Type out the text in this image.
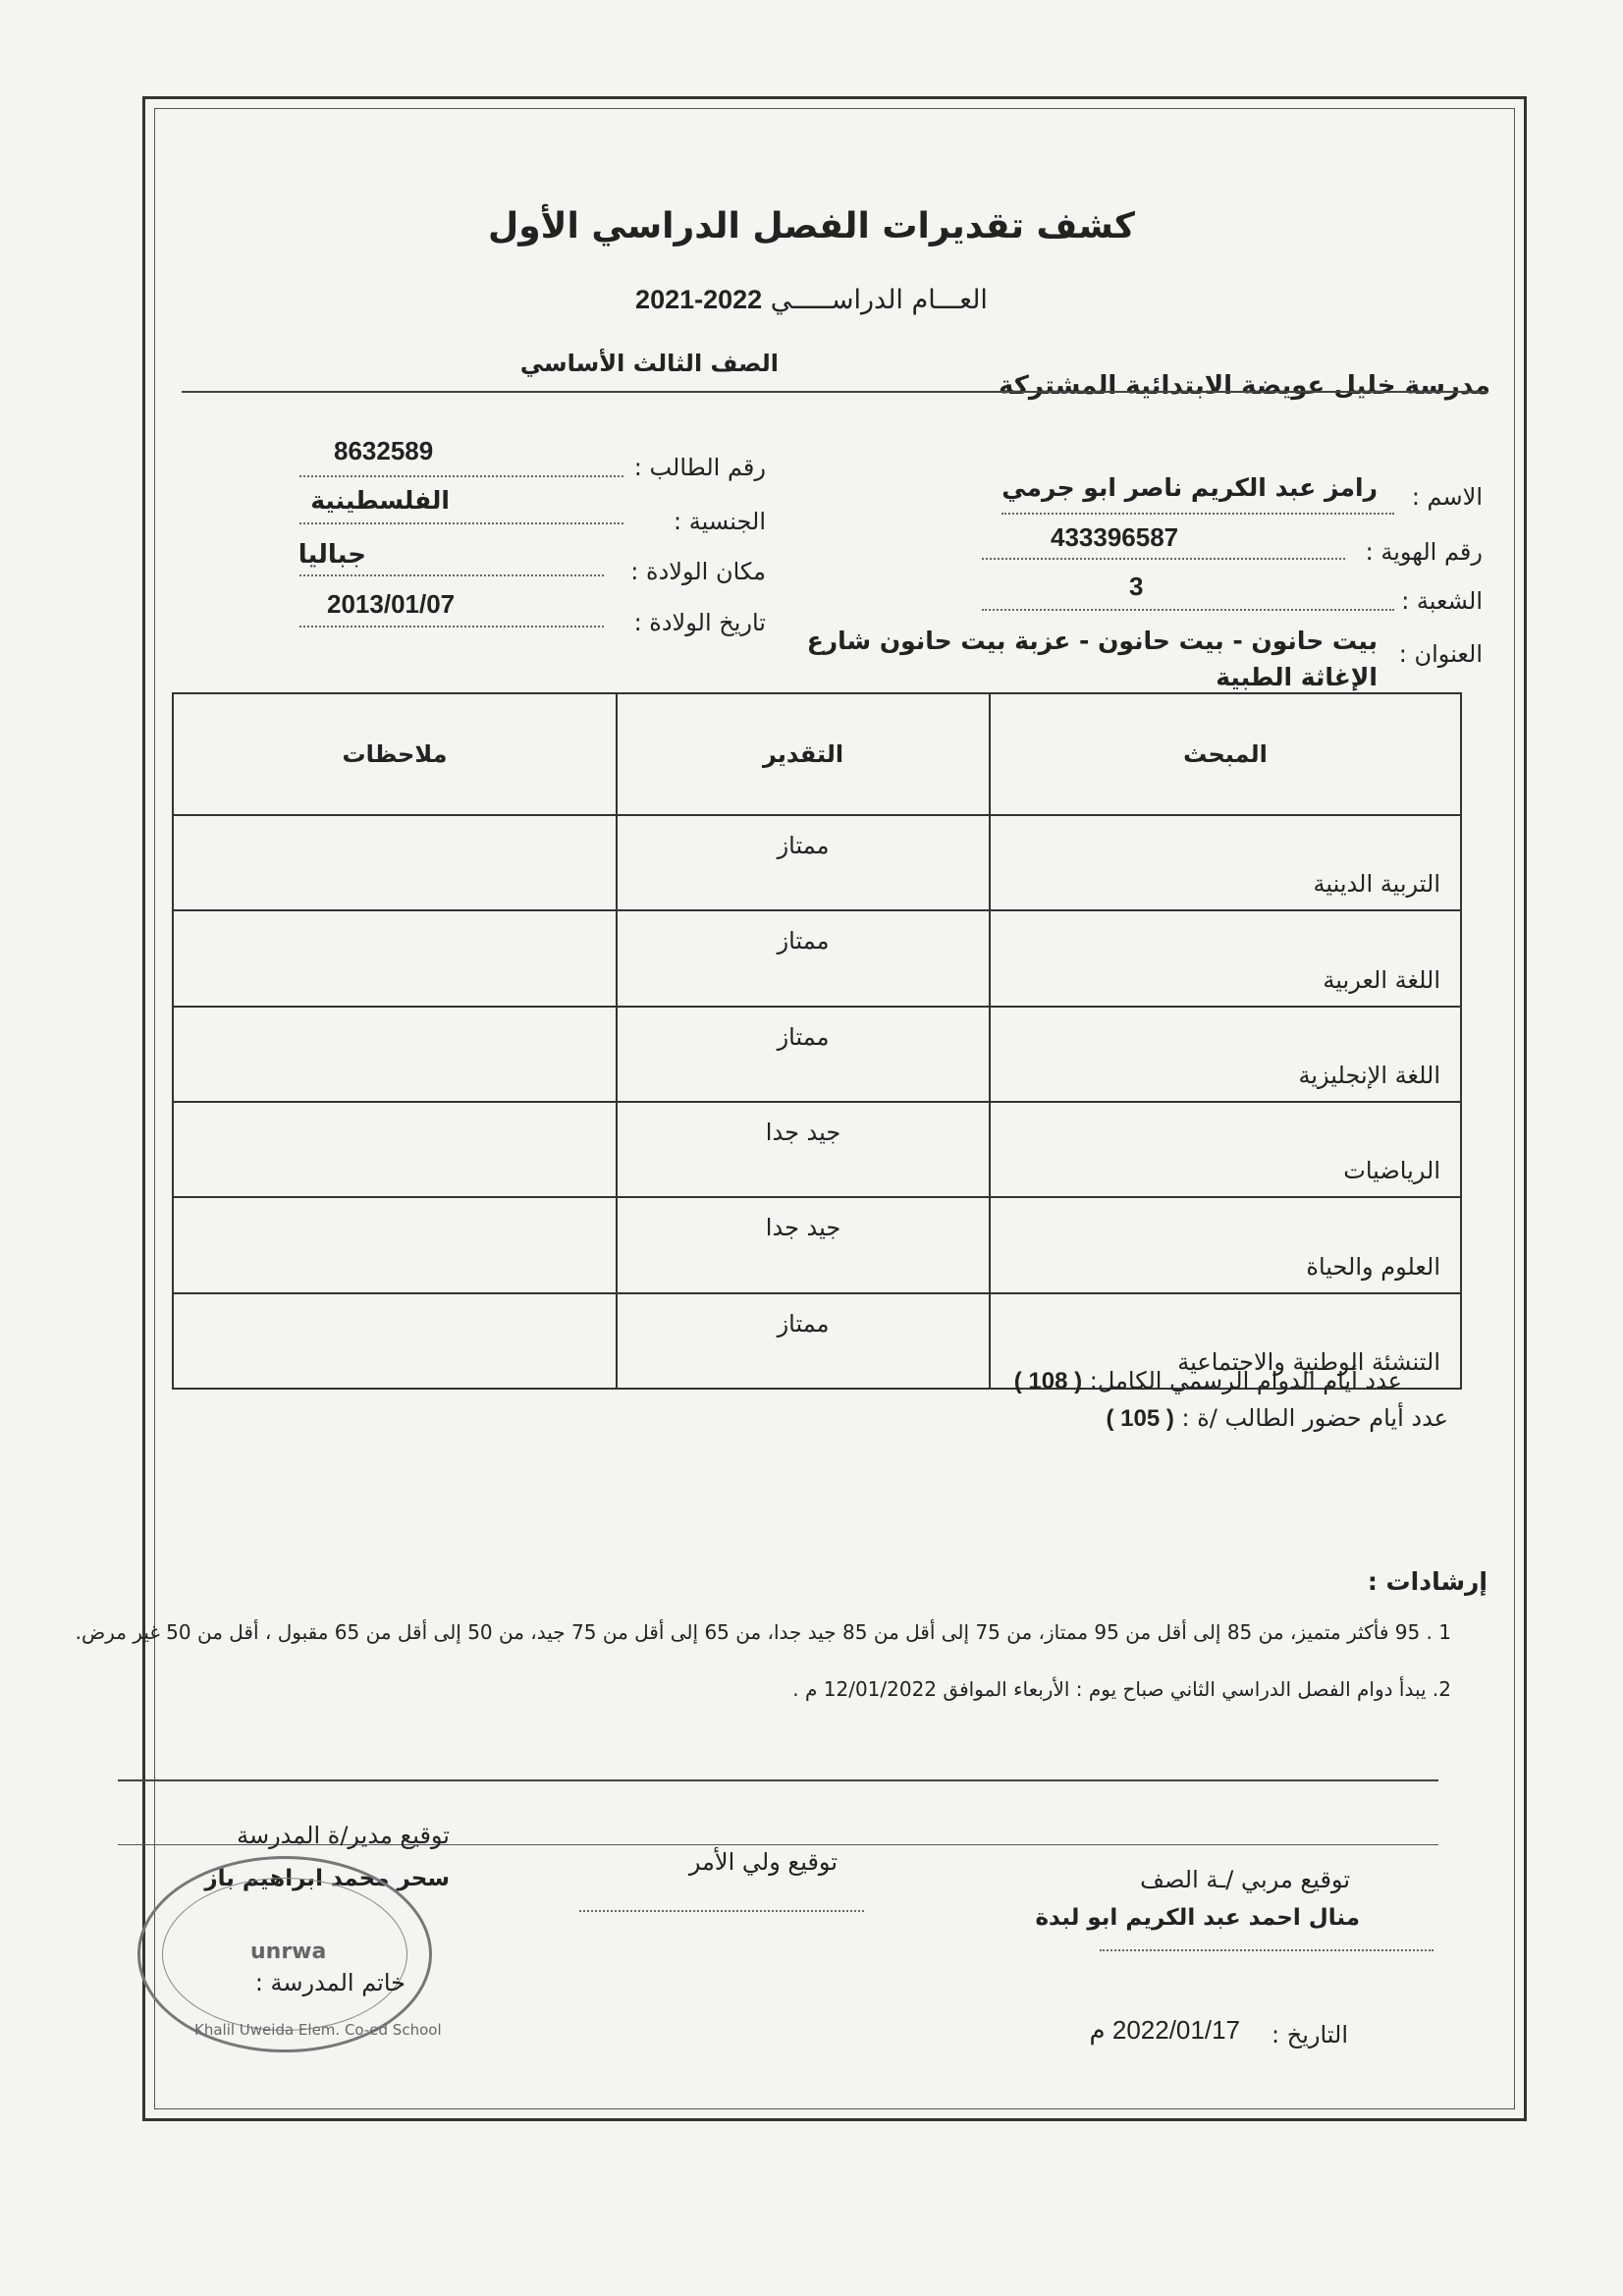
كشف تقديرات الفصل الدراسي الأول
العـــام الدراســـــي 2022-2021
مدرسة خليل عويضة الابتدائية المشتركة
الصف الثالث الأساسي
الاسم :
رامز عبد الكريم ناصر ابو جرمي
رقم الهوية :
433396587
الشعبة :
3
العنوان :
بيت حانون - بيت حانون - عزبة بيت حانون شارع
الإغاثة الطبية
رقم الطالب :
8632589
الجنسية :
الفلسطينية
مكان الولادة :
جباليا
تاريخ الولادة :
2013/01/07
المبحث	التقدير	ملاحظات
التربية الدينية	ممتاز	
اللغة العربية	ممتاز	
اللغة الإنجليزية	ممتاز	
الرياضيات	جيد جدا	
العلوم والحياة	جيد جدا	
التنشئة الوطنية والاجتماعية	ممتاز	
عدد أيام الدوام الرسمي الكامل: ( 108 )
عدد أيام حضور الطالب /ة : ( 105 )
إرشادات :
1 . 95 فأكثر متميز، من 85 إلى أقل من 95 ممتاز، من 75 إلى أقل من 85 جيد جدا، من 65 إلى أقل من 75 جيد، من 50 إلى أقل من 65 مقبول ، أقل من 50 غير مرض.
2. يبدأ دوام الفصل الدراسي الثاني صباح يوم : الأربعاء الموافق 12/01/2022 م .
توقيع مربي /ـة الصف
منال احمد عبد الكريم ابو لبدة
توقيع ولي الأمر
توقيع مدير/ة المدرسة
سحر محمد ابراهيم باز
unrwa
Khalil Uweida Elem. Co-ed School
خاتم المدرسة :
التاريخ :
2022/01/17 م
